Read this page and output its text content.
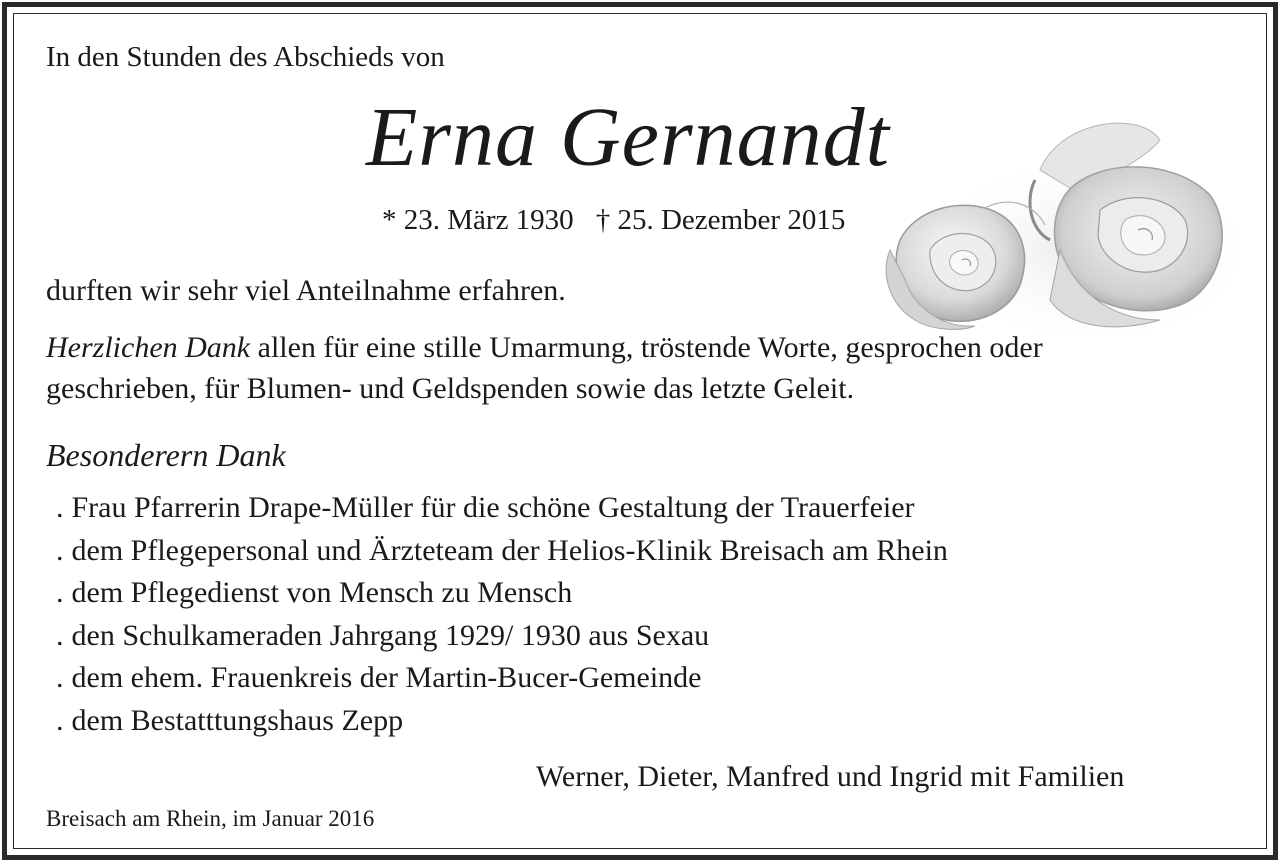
In den Stunden des Abschieds von

Erna Gernandt

* 23. März 1930 † 25. Dezember 2015

durften wir sehr viel Anteilnahme erfahren.

Herzlichen Dank allen für eine stille Umarmung, tröstende Worte, gesprochen oder

geschrieben, für Blumen- und Geldspenden sowie das letzte Geleit.

Besonderern Dank

. Frau Pfarrerin Drape-Müller für die schöne Gestaltung der Trauerfeier
. dem Pflegepersonal und Ärzteteam der Helios-Klinik Breisach am Rhein
. dem Pflegedienst von Mensch zu Mensch
. den Schulkameraden Jahrgang 1929/ 1930 aus Sexau
. dem ehem. Frauenkreis der Martin-Bucer-Gemeinde
. dem Bestatttungshaus Zepp

Werner, Dieter, Manfred und Ingrid mit Familien

Breisach am Rhein, im Januar 2016
